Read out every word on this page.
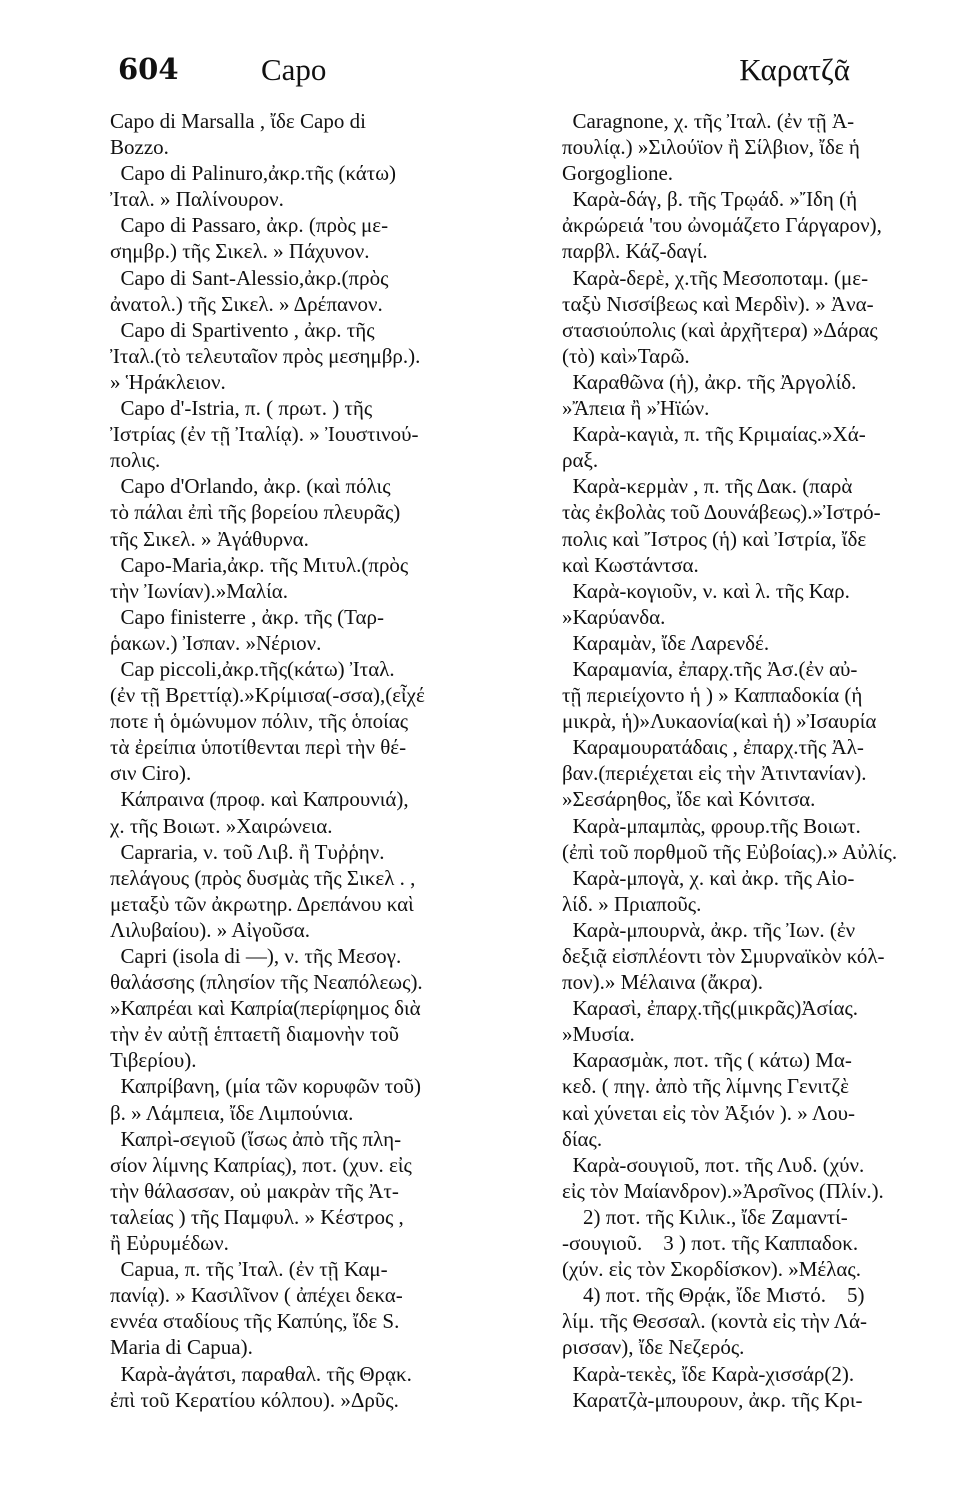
604	Capo	Καρατζᾶ

Capo di Marsalla , ἴδε Capo di
Bozzo.

Capo di Palinuro,ἀκρ.τῆς (κάτω)
Ἰταλ. » Παλίνουρον.

Capo di Passaro, ἀκρ. (πρὸς με-
σημβρ.) τῆς Σικελ. » Πάχυνον.

Capo di Sant-Alessio,ἀκρ.(πρὸς
ἀνατολ.) τῆς Σικελ. » Δρέπανον.

Capo di Spartivento , ἀκρ. τῆς
Ἰταλ.(τὸ τελευταῖον πρὸς μεσημβρ.).
» Ἡράκλειον.

Capo d'-Istria, π. ( πρωτ. ) τῆς
Ἰστρίας (ἐν τῇ Ἰταλίᾳ). » Ἰουστινού-
πολις.

Capo d'Orlando, ἀκρ. (καὶ πόλις
τὸ πάλαι ἐπὶ τῆς βορείου πλευρᾶς)
τῆς Σικελ. » Ἀγάθυρνα.

Capo-Maria,ἀκρ. τῆς Μιτυλ.(πρὸς
τὴν Ἰωνίαν).»Μαλία.

Capo finisterre , ἀκρ. τῆς (Ταρ-
ῥακων.) Ἰσπαν. »Νέριον.

Cap piccoli,ἀκρ.τῆς(κάτω) Ἰταλ.
(ἐν τῇ Βρεττίᾳ).»Κρίμισα(-σσα),(εἶχέ
ποτε ἡ ὁμώνυμον πόλιν, τῆς ὁποίας
τὰ ἐρείπια ὑποτίθενται περὶ τὴν θέ-
σιν Ciro).

Κάπραινα (προφ. καὶ Καπρουνιά),
χ. τῆς Βοιωτ. »Χαιρώνεια.

Capraria, ν. τοῦ Λιβ. ἢ Τυῤῥην.
πελάγους (πρὸς δυσμὰς τῆς Σικελ . ,
μεταξὺ τῶν ἀκρωτηρ. Δρεπάνου καὶ
Λιλυβαίου). » Αἰγοῦσα.

Capri (isola di —), ν. τῆς Μεσογ.
θαλάσσης (πλησίον τῆς Νεαπόλεως).
»Καπρέαι καὶ Καπρία(περίφημος διὰ
τὴν ἐν αὐτῇ ἑπταετῆ διαμονὴν τοῦ
Τιβερίου).

Καπρίβανη, (μία τῶν κορυφῶν τοῦ)
β. » Λάμπεια, ἴδε Λιμπούνια.

Καπρὶ-σεγιοῦ (ἴσως ἀπὸ τῆς πλη-
σίον λίμνης Καπρίας), ποτ. (χυν. εἰς
τὴν θάλασσαν, οὐ μακρὰν τῆς Ἀτ-
ταλείας ) τῆς Παμφυλ. » Κέστρος ,
ἢ Εὐρυμέδων.

Capua, π. τῆς Ἰταλ. (ἐν τῇ Καμ-
πανίᾳ). » Κασιλῖνον ( ἀπέχει δεκα-
εννέα σταδίους τῆς Καπύης, ἴδε S.
Maria di Capua).

Καρὰ-ἀγάτσι, παραθαλ. τῆς Θρᾳκ.
ἐπὶ τοῦ Κερατίου κόλπου). »Δρῦς.

Caragnone, χ. τῆς Ἰταλ. (ἐν τῇ Ἀ-
πουλίᾳ.) »Σιλούϊον ἢ Σίλβιον, ἴδε ἡ
Gorgoglione.

Καρὰ-δάγ, β. τῆς Τρῳάδ. »Ἴδη (ἡ
ἀκρώρειά 'του ὠνομάζετο Γάργαρον),
παρβλ. Κάζ-δαγί.

Καρὰ-δερὲ, χ.τῆς Μεσοποταμ. (με-
ταξὺ Νισσίβεως καὶ Μερδὶν). » Ἀνα-
στασιούπολις (καὶ ἀρχῆτερα) »Δάρας
(τὸ) καὶ»Ταρῶ.

Καραθῶνα (ἡ), ἀκρ. τῆς Ἀργολίδ.
»Ἄπεια ἢ »Ἠϊών.

Καρὰ-καγιὰ, π. τῆς Κριμαίας.»Χά-
ραξ.

Καρὰ-κερμὰν , π. τῆς Δακ. (παρὰ
τὰς ἐκβολὰς τοῦ Δουνάβεως).»Ἰστρό-
πολις καὶ Ἴστρος (ἡ) καὶ Ἰστρία, ἴδε
καὶ Κωστάντσα.

Καρὰ-κογιοῦν, ν. καὶ λ. τῆς Καρ.
»Καρύανδα.

Καραμὰν, ἴδε Λαρενδέ.

Καραμανία, ἐπαρχ.τῆς Ἀσ.(ἐν αὐ-
τῇ περιείχοντο ἡ ) » Καππαδοκία (ἡ
μικρὰ, ἡ)»Λυκαονία(καὶ ἡ) »Ἰσαυρία

Καραμουρατάδαις , ἐπαρχ.τῆς Ἀλ-
βαν.(περιέχεται εἰς τὴν Ἀτιντανίαν).
»Σεσάρηθος, ἴδε καὶ Κόνιτσα.

Καρὰ-μπαμπὰς, φρουρ.τῆς Βοιωτ.
(ἐπὶ τοῦ πορθμοῦ τῆς Εὐβοίας).» Αὐλίς.

Καρὰ-μπογὰ, χ. καὶ ἀκρ. τῆς Αἰο-
λίδ. » Πριαποῦς.

Καρὰ-μπουρνὰ, ἀκρ. τῆς Ἰων. (ἐν
δεξιᾷ εἰσπλέοντι τὸν Σμυρναϊκὸν κόλ-
πον).» Μέλαινα (ἄκρα).

Καρασὶ, ἐπαρχ.τῆς(μικρᾶς)Ἀσίας.
»Μυσία.

Καρασμὰκ, ποτ. τῆς ( κάτω) Μα-
κεδ. ( πηγ. ἀπὸ τῆς λίμνης Γενιτζὲ
καὶ χύνεται εἰς τὸν Ἀξιόν ). » Λου-
δίας.

Καρὰ-σουγιοῦ, ποτ. τῆς Λυδ. (χύν.
εἰς τὸν Μαίανδρον).»Ἀρσῖνος (Πλίν.).
2) ποτ. τῆς Κιλικ., ἴδε Ζαμαντί-
-σουγιοῦ.    3 ) ποτ. τῆς Καππαδοκ.
(χύν. εἰς τὸν Σκορδίσκον). »Μέλας.
4) ποτ. τῆς Θρᾴκ, ἴδε Μιστό.    5)
λίμ. τῆς Θεσσαλ. (κοντὰ εἰς τὴν Λά-
ρισσαν), ἴδε Νεζερός.

Καρὰ-τεκὲς, ἴδε Καρὰ-χισσάρ(2).

Καρατζὰ-μπουρουν, ἀκρ. τῆς Κρι-
